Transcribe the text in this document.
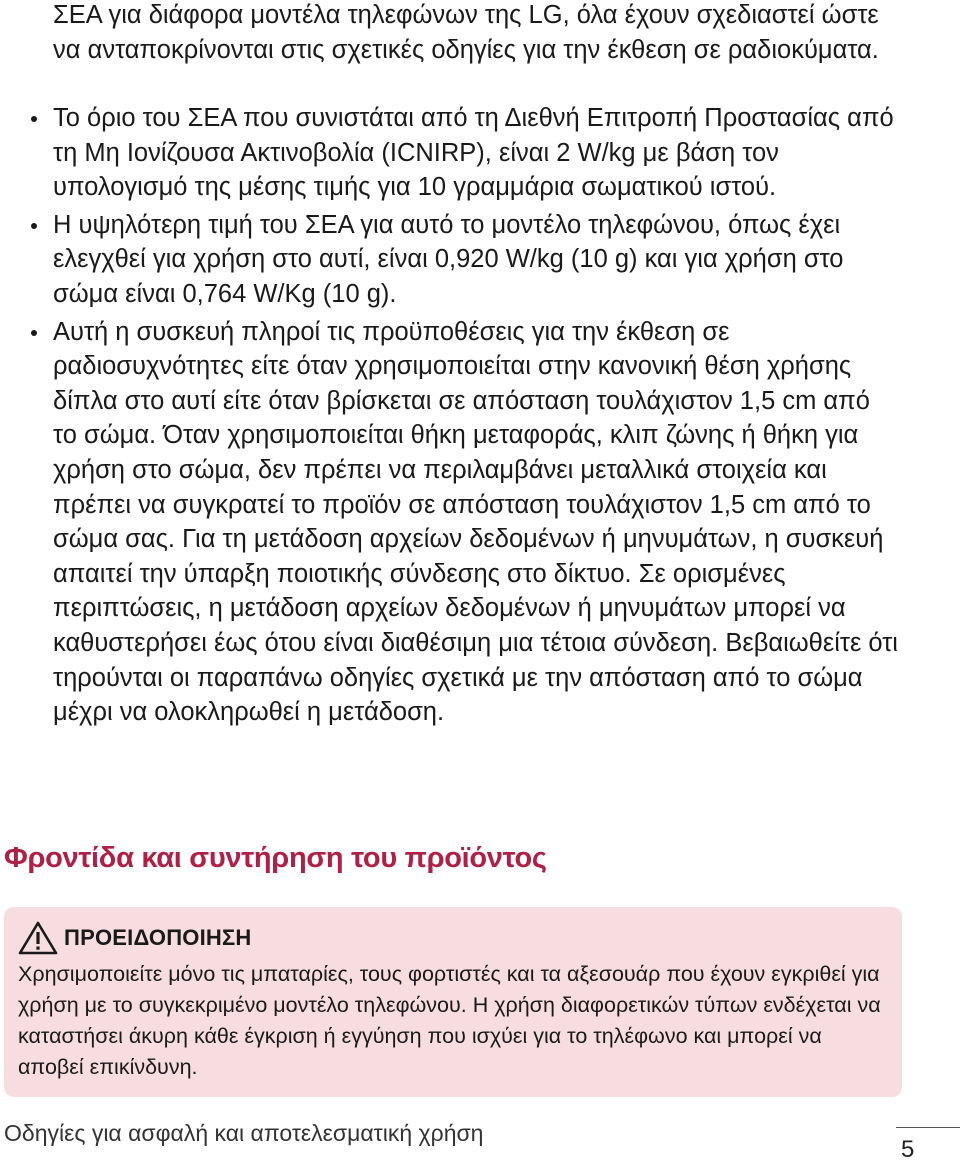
ΣΕΑ για διάφορα μοντέλα τηλεφώνων της LG, όλα έχουν σχεδιαστεί ώστε να ανταποκρίνονται στις σχετικές οδηγίες για την έκθεση σε ραδιοκύματα.

Το όριο του ΣΕΑ που συνιστάται από τη Διεθνή Επιτροπή Προστασίας από τη Μη Ιονίζουσα Ακτινοβολία (ICNIRP), είναι 2 W/kg με βάση τον υπολογισμό της μέσης τιμής για 10 γραμμάρια σωματικού ιστού.
Η υψηλότερη τιμή του ΣΕΑ για αυτό το μοντέλο τηλεφώνου, όπως έχει ελεγχθεί για χρήση στο αυτί, είναι 0,920 W/kg (10 g) και για χρήση στο σώμα είναι 0,764 W/Kg (10 g).
Αυτή η συσκευή πληροί τις προϋποθέσεις για την έκθεση σε ραδιοσυχνότητες είτε όταν χρησιμοποιείται στην κανονική θέση χρήσης δίπλα στο αυτί είτε όταν βρίσκεται σε απόσταση τουλάχιστον 1,5 cm από το σώμα. Όταν χρησιμοποιείται θήκη μεταφοράς, κλιπ ζώνης ή θήκη για χρήση στο σώμα, δεν πρέπει να περιλαμβάνει μεταλλικά στοιχεία και πρέπει να συγκρατεί το προϊόν σε απόσταση τουλάχιστον 1,5 cm από το σώμα σας. Για τη μετάδοση αρχείων δεδομένων ή μηνυμάτων, η συσκευή απαιτεί την ύπαρξη ποιοτικής σύνδεσης στο δίκτυο. Σε ορισμένες περιπτώσεις, η μετάδοση αρχείων δεδομένων ή μηνυμάτων μπορεί να καθυστερήσει έως ότου είναι διαθέσιμη μια τέτοια σύνδεση. Βεβαιωθείτε ότι τηρούνται οι παραπάνω οδηγίες σχετικά με την απόσταση από το σώμα μέχρι να ολοκληρωθεί η μετάδοση.
Φροντίδα και συντήρηση του προϊόντος
ΠΡΟΕΙΔΟΠΟΙΗΣΗ

Χρησιμοποιείτε μόνο τις μπαταρίες, τους φορτιστές και τα αξεσουάρ που έχουν εγκριθεί για χρήση με το συγκεκριμένο μοντέλο τηλεφώνου. Η χρήση διαφορετικών τύπων ενδέχεται να καταστήσει άκυρη κάθε έγκριση ή εγγύηση που ισχύει για το τηλέφωνο και μπορεί να αποβεί επικίνδυνη.

Οδηγίες για ασφαλή και αποτελεσματική χρήση
5
